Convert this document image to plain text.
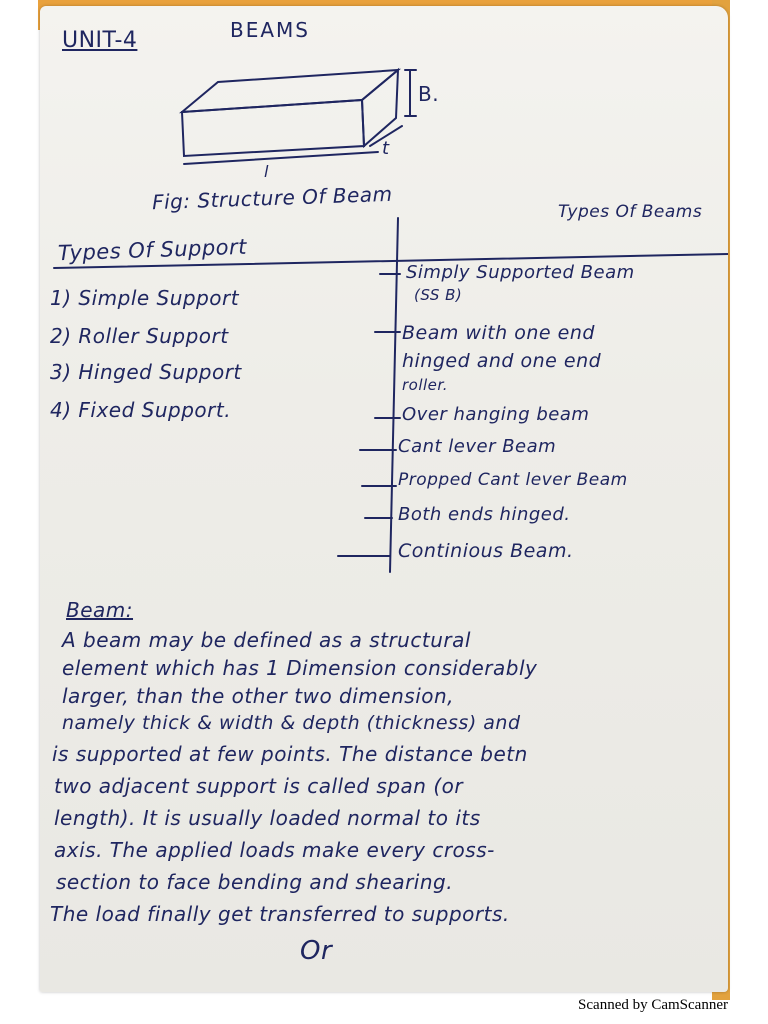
UNIT-4	BEAMS
B.
t
l
Fig: Structure Of Beam
Types Of Support
1) Simple Support
2) Roller Support
3) Hinged Support
4) Fixed Support.
Types Of Beams
Simply Supported Beam
(SS B)
Beam with one end
hinged and one end
roller.
Over hanging beam
Cant lever Beam
Propped Cant lever Beam
Both ends hinged.
Continious Beam.
Beam:
A beam may be defined as a structural
element which has 1 Dimension considerably
larger, than the other two dimension,
namely thick & width & depth (thickness) and
is supported at few points. The distance betn
two adjacent support is called span (or
length). It is usually loaded normal to its
axis. The applied loads make every cross-
section to face bending and shearing.
The load finally get transferred to supports.
Or
Scanned by CamScanner
